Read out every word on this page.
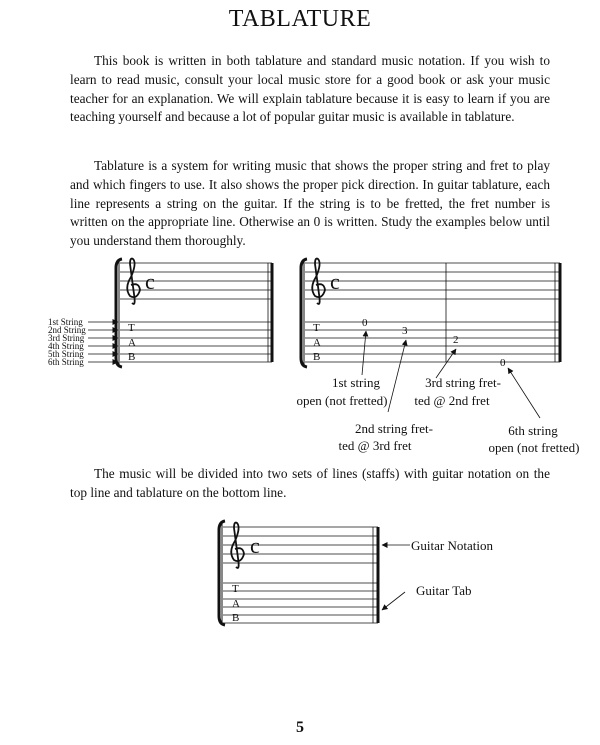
TABLATURE

This book is written in both tablature and standard music notation. If you wish to learn to read music, consult your local music store for a good book or ask your music teacher for an explanation. We will explain tablature because it is easy to learn if you are teaching yourself and because a lot of popular guitar music is available in tablature.

Tablature is a system for writing music that shows the proper string and fret to play and which fingers to use. It also shows the proper pick direction. In guitar tablature, each line represents a string on the guitar. If the string is to be fretted, the fret number is written on the appropriate line. Otherwise an 0 is written. Study the examples below until you understand them thoroughly.

The music will be divided into two sets of lines (staffs) with guitar notation on the top line and tablature on the bottom line.

5
c
T
A
B
1st String
2nd String
3rd String
4th String
5th String
6th String
c
T
A
B
0
3
2
0
1st string
open (not fretted)
3rd string fret-
ted @ 2nd fret
2nd string fret-
ted @ 3rd fret
6th string
open (not fretted)
c
T
A
B
Guitar Notation
Guitar Tab
